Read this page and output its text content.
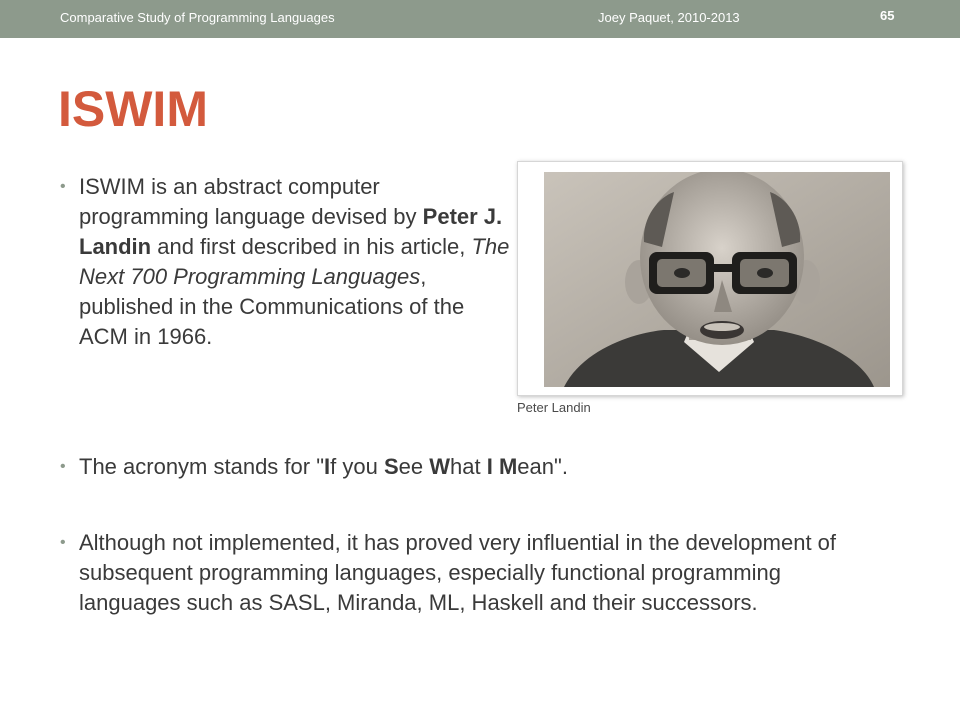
Comparative Study of Programming Languages	Joey Paquet, 2010-2013	65
ISWIM
• ISWIM is an abstract computer programming language devised by Peter J. Landin and first described in his article, The Next 700 Programming Languages, published in the Communications of the ACM in 1966.
• The acronym stands for "If you See What I Mean".
• Although not implemented, it has proved very influential in the development of subsequent programming languages, especially functional programming languages such as SASL, Miranda, ML, Haskell and their successors.
Peter Landin
